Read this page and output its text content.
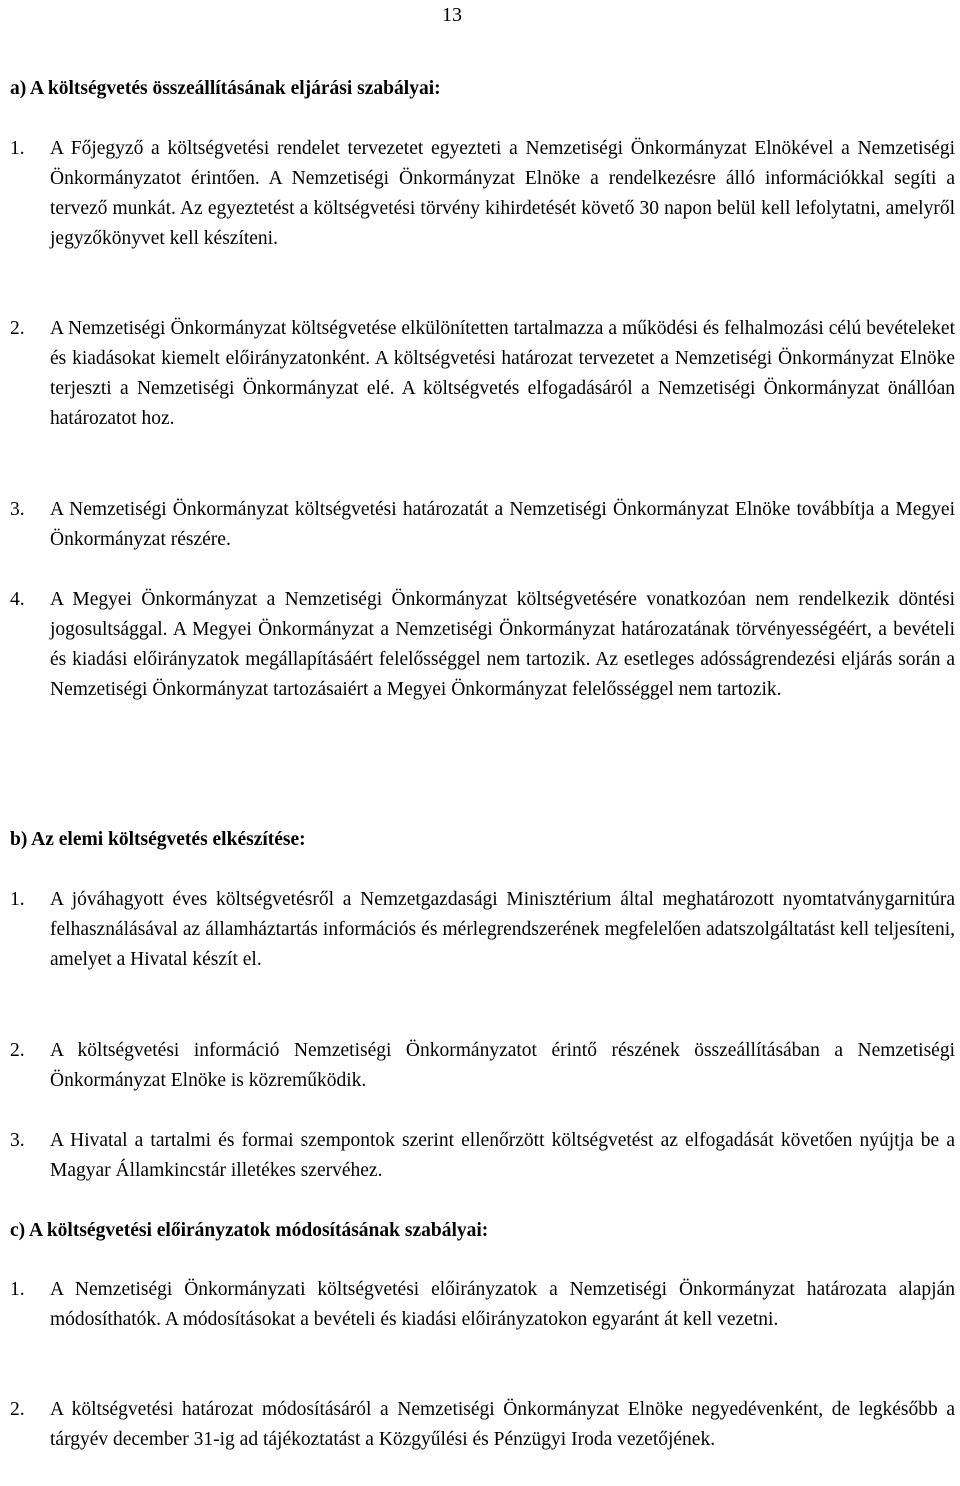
13
a) A költségvetés összeállításának eljárási szabályai:
1.	A Főjegyző a költségvetési rendelet tervezetet egyezteti a Nemzetiségi Önkormányzat Elnökével a Nemzetiségi Önkormányzatot érintően. A Nemzetiségi Önkormányzat Elnöke a rendelkezésre álló információkkal segíti a tervező munkát. Az egyeztetést a költségvetési törvény kihirdetését követő 30 napon belül kell lefolytatni, amelyről jegyzőkönyvet kell készíteni.
2.	A Nemzetiségi Önkormányzat költségvetése elkülönítetten tartalmazza a működési és felhalmozási célú bevételeket és kiadásokat kiemelt előirányzatonként. A költségvetési határozat tervezetet a Nemzetiségi Önkormányzat Elnöke terjeszti a Nemzetiségi Önkormányzat elé. A költségvetés elfogadásáról a Nemzetiségi Önkormányzat önállóan határozatot hoz.
3.	A Nemzetiségi Önkormányzat költségvetési határozatát a Nemzetiségi Önkormányzat Elnöke továbbítja a Megyei Önkormányzat részére.
4.	A Megyei Önkormányzat a Nemzetiségi Önkormányzat költségvetésére vonatkozóan nem rendelkezik döntési jogosultsággal. A Megyei Önkormányzat a Nemzetiségi Önkormányzat határozatának törvényességéért, a bevételi és kiadási előirányzatok megállapításáért felelősséggel nem tartozik. Az esetleges adósságrendezési eljárás során a Nemzetiségi Önkormányzat tartozásaiért a Megyei Önkormányzat felelősséggel nem tartozik.
b) Az elemi költségvetés elkészítése:
1.	A jóváhagyott éves költségvetésről a Nemzetgazdasági Minisztérium által meghatározott nyomtatványgarnitúra felhasználásával az államháztartás információs és mérlegrendszerének megfelelően adatszolgáltatást kell teljesíteni, amelyet a Hivatal készít el.
2.	A költségvetési információ Nemzetiségi Önkormányzatot érintő részének összeállításában a Nemzetiségi Önkormányzat Elnöke is közreműködik.
3.	A Hivatal a tartalmi és formai szempontok szerint ellenőrzött költségvetést az elfogadását követően nyújtja be a Magyar Államkincstár illetékes szervéhez.
c) A költségvetési előirányzatok módosításának szabályai:
1.	A Nemzetiségi Önkormányzati költségvetési előirányzatok a Nemzetiségi Önkormányzat határozata alapján módosíthatók. A módosításokat a bevételi és kiadási előirányzatokon egyaránt át kell vezetni.
2.	A költségvetési határozat módosításáról a Nemzetiségi Önkormányzat Elnöke negyedévenként, de legkésőbb a tárgyév december 31-ig ad tájékoztatást a Közgyűlési és Pénzügyi Iroda vezetőjének.
